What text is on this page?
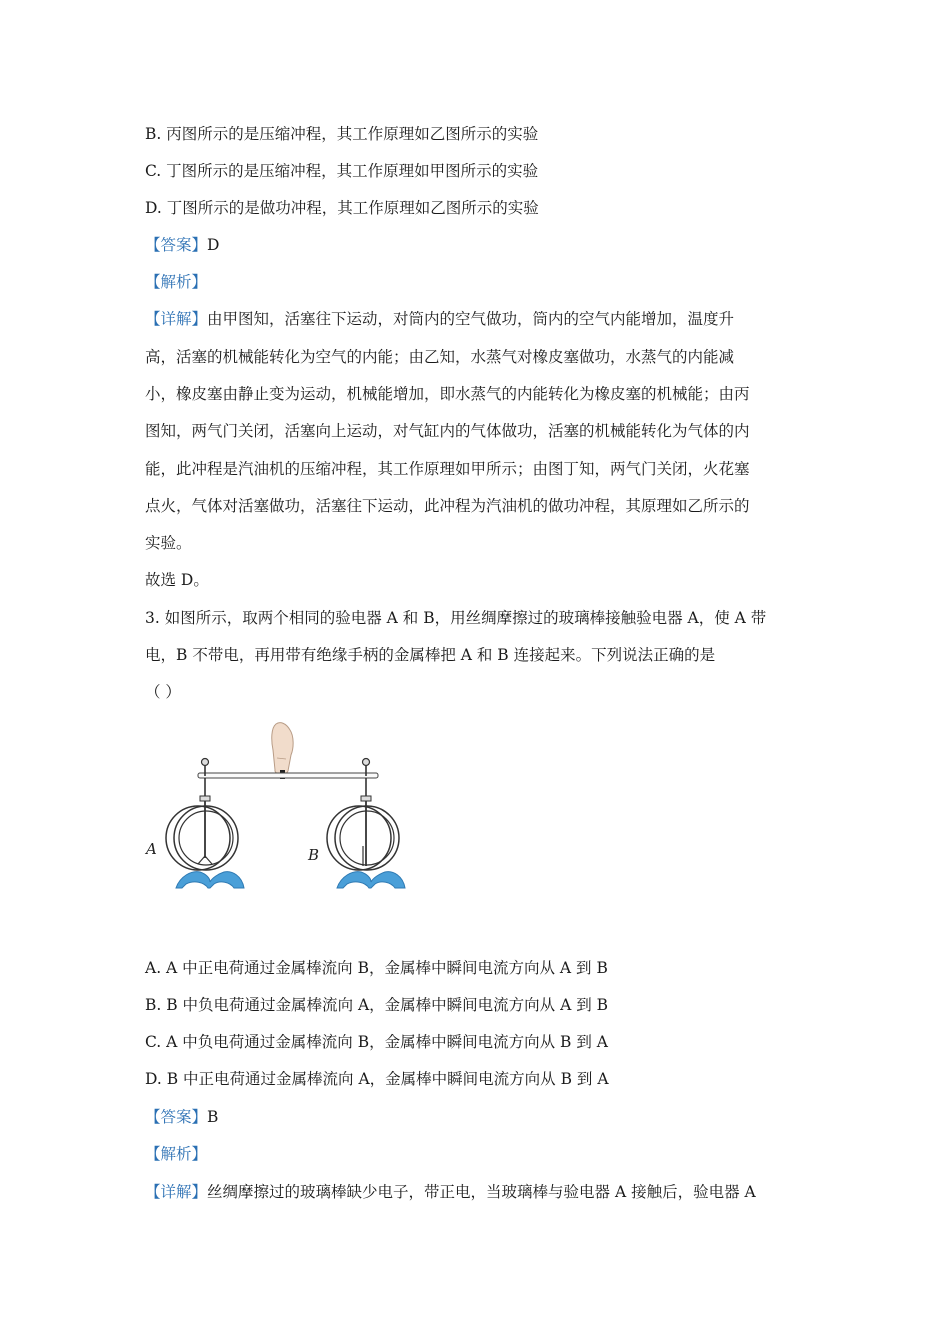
B. 丙图所示的是压缩冲程，其工作原理如乙图所示的实验
C. 丁图所示的是压缩冲程，其工作原理如甲图所示的实验
D. 丁图所示的是做功冲程，其工作原理如乙图所示的实验
【答案】D
【解析】
【详解】由甲图知，活塞往下运动，对筒内的空气做功，筒内的空气内能增加，温度升
高，活塞的机械能转化为空气的内能；由乙知，水蒸气对橡皮塞做功，水蒸气的内能减
小，橡皮塞由静止变为运动，机械能增加，即水蒸气的内能转化为橡皮塞的机械能；由丙
图知，两气门关闭，活塞向上运动，对气缸内的气体做功，活塞的机械能转化为气体的内
能，此冲程是汽油机的压缩冲程，其工作原理如甲所示；由图丁知，两气门关闭，火花塞
点火，气体对活塞做功，活塞往下运动，此冲程为汽油机的做功冲程，其原理如乙所示的
实验。
故选 D。
3. 如图所示，取两个相同的验电器 A 和 B，用丝绸摩擦过的玻璃棒接触验电器 A，使 A 带
电，B 不带电，再用带有绝缘手柄的金属棒把 A 和 B 连接起来。下列说法正确的是
（ ）
A	B
A. A 中正电荷通过金属棒流向 B，金属棒中瞬间电流方向从 A 到 B
B. B 中负电荷通过金属棒流向 A，金属棒中瞬间电流方向从 A 到 B
C. A 中负电荷通过金属棒流向 B，金属棒中瞬间电流方向从 B 到 A
D. B 中正电荷通过金属棒流向 A，金属棒中瞬间电流方向从 B 到 A
【答案】B
【解析】
【详解】丝绸摩擦过的玻璃棒缺少电子，带正电，当玻璃棒与验电器 A 接触后，验电器 A
